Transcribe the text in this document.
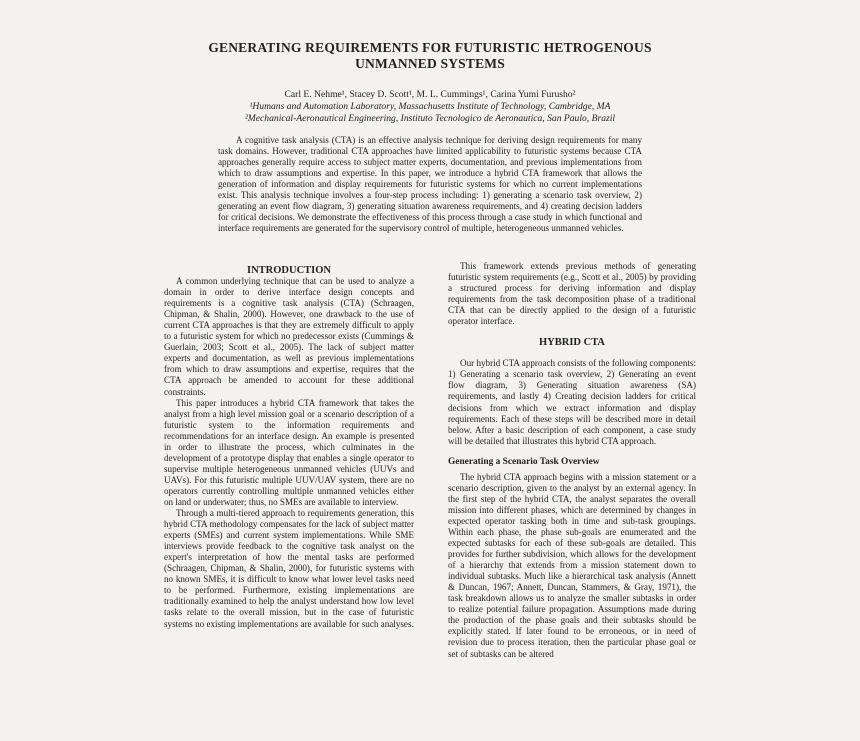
GENERATING REQUIREMENTS FOR FUTURISTIC HETROGENOUS
UNMANNED SYSTEMS
Carl E. Nehme¹, Stacey D. Scott¹, M. L. Cummings¹, Carina Yumi Furusho²
¹Humans and Automation Laboratory, Massachusetts Institute of Technology, Cambridge, MA
²Mechanical-Aeronautical Engineering, Instituto Tecnologico de Aeronautica, San Paulo, Brazil

A cognitive task analysis (CTA) is an effective analysis technique for deriving design requirements for many task domains. However, traditional CTA approaches have limited applicability to futuristic systems because CTA approaches generally require access to subject matter experts, documentation, and previous implementations from which to draw assumptions and expertise. In this paper, we introduce a hybrid CTA framework that allows the generation of information and display requirements for futuristic systems for which no current implementations exist. This analysis technique involves a four-step process including: 1) generating a scenario task overview, 2) generating an event flow diagram, 3) generating situation awareness requirements, and 4) creating decision ladders for critical decisions. We demonstrate the effectiveness of this process through a case study in which functional and interface requirements are generated for the supervisory control of multiple, heterogeneous unmanned vehicles.

INTRODUCTION

A common underlying technique that can be used to analyze a domain in order to derive interface design concepts and requirements is a cognitive task analysis (CTA) (Schraagen, Chipman, & Shalin, 2000). However, one drawback to the use of current CTA approaches is that they are extremely difficult to apply to a futuristic system for which no predecessor exists (Cummings & Guerlain, 2003; Scott et al., 2005). The lack of subject matter experts and documentation, as well as previous implementations from which to draw assumptions and expertise, requires that the CTA approach be amended to account for these additional constraints.

This paper introduces a hybrid CTA framework that takes the analyst from a high level mission goal or a scenario description of a futuristic system to the information requirements and recommendations for an interface design. An example is presented in order to illustrate the process, which culminates in the development of a prototype display that enables a single operator to supervise multiple heterogeneous unmanned vehicles (UUVs and UAVs). For this futuristic multiple UUV/UAV system, there are no operators currently controlling multiple unmanned vehicles either on land or underwater; thus, no SMEs are available to interview.

Through a multi-tiered approach to requirements generation, this hybrid CTA methodology compensates for the lack of subject matter experts (SMEs) and current system implementations. While SME interviews provide feedback to the cognitive task analyst on the expert's interpretation of how the mental tasks are performed (Schraagen, Chipman, & Shalin, 2000), for futuristic systems with no known SMEs, it is difficult to know what lower level tasks need to be performed. Furthermore, existing implementations are traditionally examined to help the analyst understand how low level tasks relate to the overall mission, but in the case of futuristic systems no existing implementations are available for such analyses.

This framework extends previous methods of generating futuristic system requirements (e.g., Scott et al., 2005) by providing a structured process for deriving information and display requirements from the task decomposition phase of a traditional CTA that can be directly applied to the design of a futuristic operator interface.

HYBRID CTA

Our hybrid CTA approach consists of the following components: 1) Generating a scenario task overview, 2) Generating an event flow diagram, 3) Generating situation awareness (SA) requirements, and lastly 4) Creating decision ladders for critical decisions from which we extract information and display requirements. Each of these steps will be described more in detail below. After a basic description of each component, a case study will be detailed that illustrates this hybrid CTA approach.

Generating a Scenario Task Overview

The hybrid CTA approach begins with a mission statement or a scenario description, given to the analyst by an external agency. In the first step of the hybrid CTA, the analyst separates the overall mission into different phases, which are determined by changes in expected operator tasking both in time and sub-task groupings. Within each phase, the phase sub-goals are enumerated and the expected subtasks for each of these sub-goals are detailed. This provides for further subdivision, which allows for the development of a hierarchy that extends from a mission statement down to individual subtasks. Much like a hierarchical task analysis (Annett & Duncan, 1967; Annett, Duncan, Stammers, & Gray, 1971), the task breakdown allows us to analyze the smaller subtasks in order to realize potential failure propagation. Assumptions made during the production of the phase goals and their subtasks should be explicitly stated. If later found to be erroneous, or in need of revision due to process iteration, then the particular phase goal or set of subtasks can be altered
